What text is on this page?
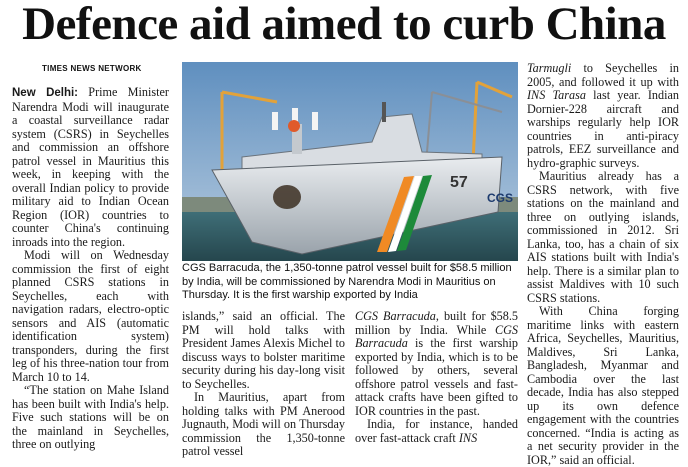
Defence aid aimed to curb China
TIMES NEWS NETWORK

New Delhi: Prime Minister Narendra Modi will inaugurate a coastal surveillance radar system (CSRS) in Seychelles and commission an offshore patrol vessel in Mauritius this week, in keeping with the overall Indian policy to provide military aid to Indian Ocean Region (IOR) countries to counter China's continuing inroads into the region.

Modi will on Wednesday commission the first of eight planned CSRS stations in Seychelles, each with navigation radars, electro-optic sensors and AIS (automatic identification system) transponders, during the first leg of his three-nation tour from March 10 to 14.

“The station on Mahe Island has been built with India's help. Five such stations will be on the mainland in Seychelles, three on outlying

57
CGS
CGS Barracuda, the 1,350-tonne patrol vessel built for $58.5 million by India, will be commissioned by Narendra Modi in Mauritius on Thursday. It is the first warship exported by India

islands,” said an official. The PM will hold talks with President James Alexis Michel to discuss ways to bolster maritime security during his day-long visit to Seychelles.

In Mauritius, apart from holding talks with PM Anerood Jugnauth, Modi will on Thursday commission the 1,350-tonne patrol vessel

CGS Barracuda, built for $58.5 million by India. While CGS Barracuda is the first warship exported by India, which is to be followed by others, several offshore patrol vessels and fast-attack crafts have been gifted to IOR countries in the past.

India, for instance, handed over fast-attack craft INS

Tarmugli to Seychelles in 2005, and followed it up with INS Tarasa last year. Indian Dornier-228 aircraft and warships regularly help IOR countries in anti-piracy patrols, EEZ surveillance and hydro-graphic surveys.

Mauritius already has a CSRS network, with five stations on the mainland and three on outlying islands, commissioned in 2012. Sri Lanka, too, has a chain of six AIS stations built with India's help. There is a similar plan to assist Maldives with 10 such CSRS stations.

With China forging maritime links with eastern Africa, Seychelles, Mauritius, Maldives, Sri Lanka, Bangladesh, Myanmar and Cambodia over the last decade, India has also stepped up its own defence engagement with the countries concerned. “India is acting as a net security provider in the IOR,” said an official.
